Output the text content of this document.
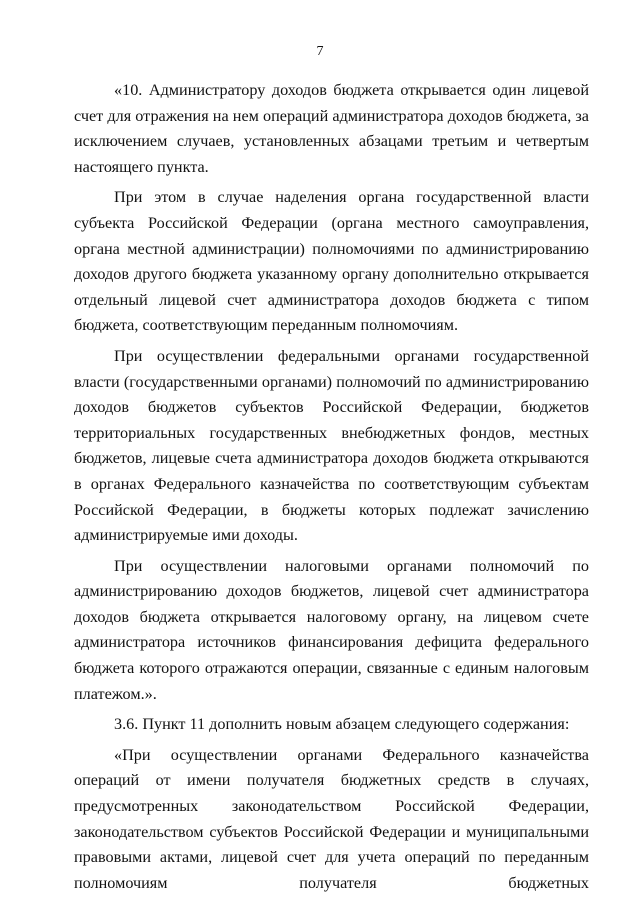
7

«10. Администратору доходов бюджета открывается один лицевой счет для отражения на нем операций администратора доходов бюджета, за исключением случаев, установленных абзацами третьим и четвертым настоящего пункта.

При этом в случае наделения органа государственной власти субъекта Российской Федерации (органа местного самоуправления, органа местной администрации) полномочиями по администрированию доходов другого бюджета указанному органу дополнительно открывается отдельный лицевой счет администратора доходов бюджета с типом бюджета, соответствующим переданным полномочиям.

При осуществлении федеральными органами государственной власти (государственными органами) полномочий по администрированию доходов бюджетов субъектов Российской Федерации, бюджетов территориальных государственных внебюджетных фондов, местных бюджетов, лицевые счета администратора доходов бюджета открываются в органах Федерального казначейства по соответствующим субъектам Российской Федерации, в бюджеты которых подлежат зачислению администрируемые ими доходы.

При осуществлении налоговыми органами полномочий по администрированию доходов бюджетов, лицевой счет администратора доходов бюджета открывается налоговому органу, на лицевом счете администратора источников финансирования дефицита федерального бюджета которого отражаются операции, связанные с единым налоговым платежом.».

3.6. Пункт 11 дополнить новым абзацем следующего содержания:

«При осуществлении органами Федерального казначейства операций от имени получателя бюджетных средств в случаях, предусмотренных законодательством Российской Федерации, законодательством субъектов Российской Федерации и муниципальными правовыми актами, лицевой счет для учета операций по переданным полномочиям получателя бюджетных
